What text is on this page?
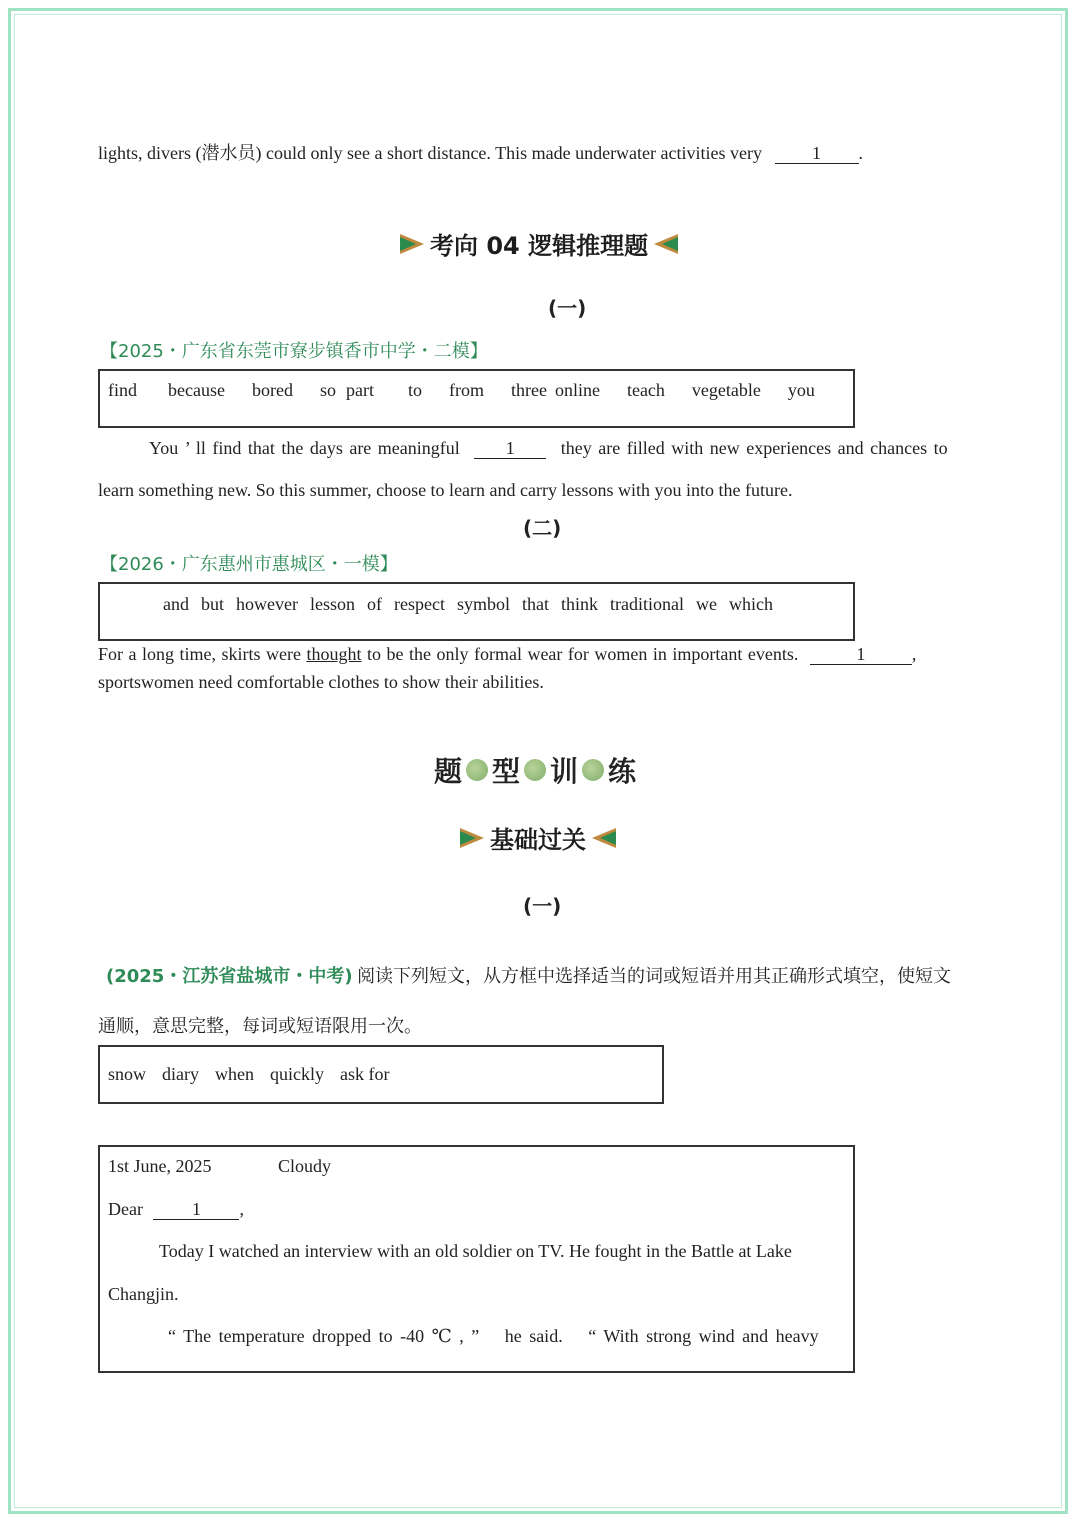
lights, divers (潜水员) could only see a short distance. This made underwater activities very	1 .
考向 04 逻辑推理题
(一)
【2025・广东省东莞市寮步镇香市中学・二模】
find because bored so part to from three online teach vegetable you
You ’ ll find that the days are meaningful	1	they are filled with new experiences and chances to
learn something new. So this summer, choose to learn and carry lessons with you into the future.
(二)
【2026・广东惠州市惠城区・一模】
and but however lesson of respect symbol that think traditional we which
For a long time, skirts were thought to be the only formal wear for women in important events.	1	,
sportswomen need comfortable clothes to show their abilities.
题 型 训 练
基础过关
(一)
(2025・江苏省盐城市・中考) 阅读下列短文，从方框中选择适当的词或短语并用其正确形式填空，使短文
通顺，意思完整，每词或短语限用一次。
snow diary when quickly ask for
1st June, 2025	Cloudy
Dear	1 ,
Today I watched an interview with an old soldier on TV. He fought in the Battle at Lake
Changjin.
“ The temperature dropped to -40 ℃ , ” he said. “ With strong wind and heavy
